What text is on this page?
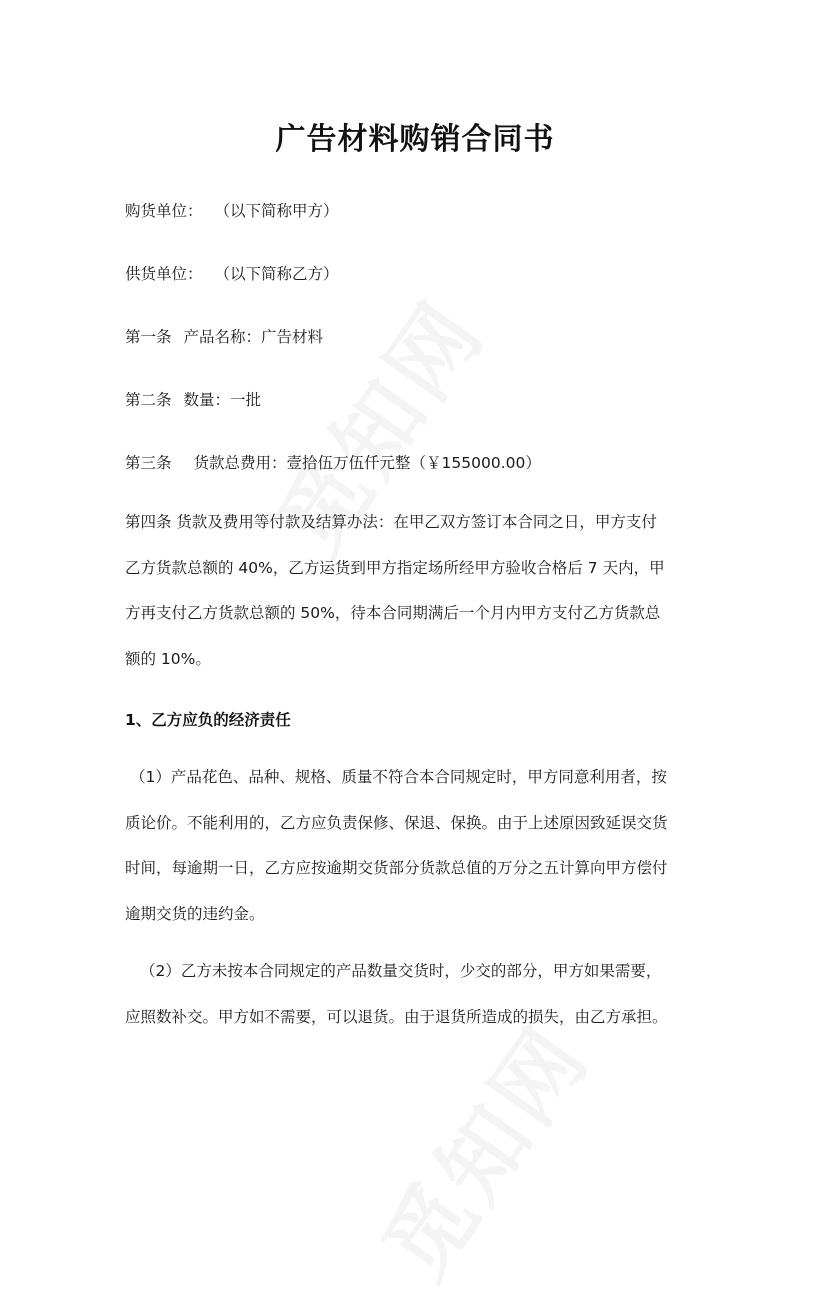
广告材料购销合同书
购货单位： （以下简称甲方）
供货单位： （以下简称乙方）
第一条 产品名称：广告材料
第二条 数量：一批
第三条 货款总费用：壹拾伍万伍仟元整（￥155000.00）
第四条 货款及费用等付款及结算办法：在甲乙双方签订本合同之日，甲方支付
乙方货款总额的 40%，乙方运货到甲方指定场所经甲方验收合格后 7 天内，甲
方再支付乙方货款总额的 50%，待本合同期满后一个月内甲方支付乙方货款总
额的 10%。
1、乙方应负的经济责任
（1）产品花色、品种、规格、质量不符合本合同规定时，甲方同意利用者，按
质论价。不能利用的，乙方应负责保修、保退、保换。由于上述原因致延误交货
时间，每逾期一日，乙方应按逾期交货部分货款总值的万分之五计算向甲方偿付
逾期交货的违约金。
（2）乙方未按本合同规定的产品数量交货时，少交的部分，甲方如果需要，
应照数补交。甲方如不需要，可以退货。由于退货所造成的损失，由乙方承担。
